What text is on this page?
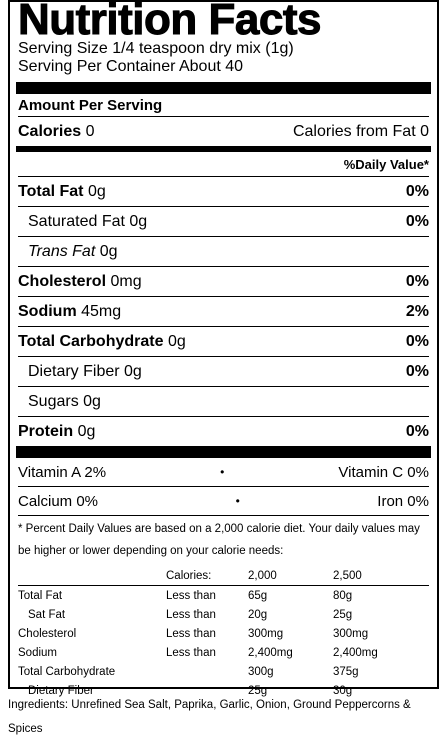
Nutrition Facts
Serving Size 1/4 teaspoon dry mix (1g)
Serving Per Container About 40
Amount Per Serving
Calories 0	Calories from Fat 0
%Daily Value*
Total Fat 0g	0%
Saturated Fat 0g	0%
Trans Fat 0g
Cholesterol 0mg	0%
Sodium 45mg	2%
Total Carbohydrate 0g	0%
Dietary Fiber 0g	0%
Sugars 0g
Protein 0g	0%
Vitamin A 2%	•	Vitamin C 0%
Calcium 0%	•	Iron 0%
* Percent Daily Values are based on a 2,000 calorie diet. Your daily values may be higher or lower depending on your calorie needs:
	Calories:	2,000	2,500
Total Fat	Less than	65g	80g
Sat Fat	Less than	20g	25g
Cholesterol	Less than	300mg	300mg
Sodium	Less than	2,400mg	2,400mg
Total Carbohydrate		300g	375g
Dietary Fiber		25g	30g
Ingredients: Unrefined Sea Salt, Paprika, Garlic, Onion, Ground Peppercorns & Spices
